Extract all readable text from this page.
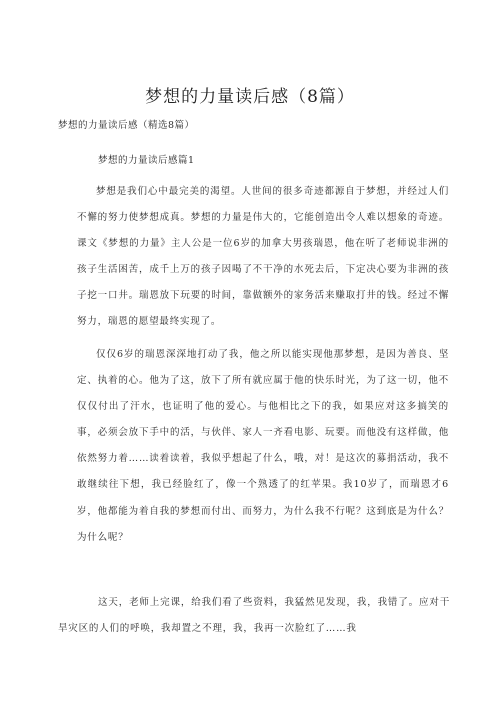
梦想的力量读后感（8篇）
梦想的力量读后感（精选8篇）
梦想的力量读后感篇1

梦想是我们心中最完美的渴望。人世间的很多奇迹都源自于梦想，并经过人们不懈的努力使梦想成真。梦想的力量是伟大的，它能创造出令人难以想象的奇迹。课文《梦想的力量》主人公是一位6岁的加拿大男孩瑞恩，他在听了老师说非洲的孩子生活困苦，成千上万的孩子因喝了不干净的水死去后，下定决心要为非洲的孩子挖一口井。瑞恩放下玩要的时间，靠做额外的家务活来赚取打井的钱。经过不懈努力，瑞恩的愿望最终实现了。

仅仅6岁的瑞恩深深地打动了我，他之所以能实现他那梦想，是因为善良、坚定、执着的心。他为了这，放下了所有就应属于他的快乐时光，为了这一切，他不仅仅付出了汗水，也证明了他的爱心。与他相比之下的我，如果应对这多搞笑的事，必须会放下手中的活，与伙伴、家人一齐看电影、玩要。而他没有这样做，他依然努力着……读着读着，我似乎想起了什么，哦，对！是这次的募捐活动，我不敢继续往下想，我已经脸红了，像一个熟透了的红苹果。我10岁了，而瑞恩才6岁，他都能为着自我的梦想而付出、而努力，为什么我不行呢？这到底是为什么？为什么呢？

这天，老师上完课，给我们看了些资料，我猛然见发现，我，我错了。应对干旱灾区的人们的呼唤，我却置之不理，我，我再一次脸红了……我
